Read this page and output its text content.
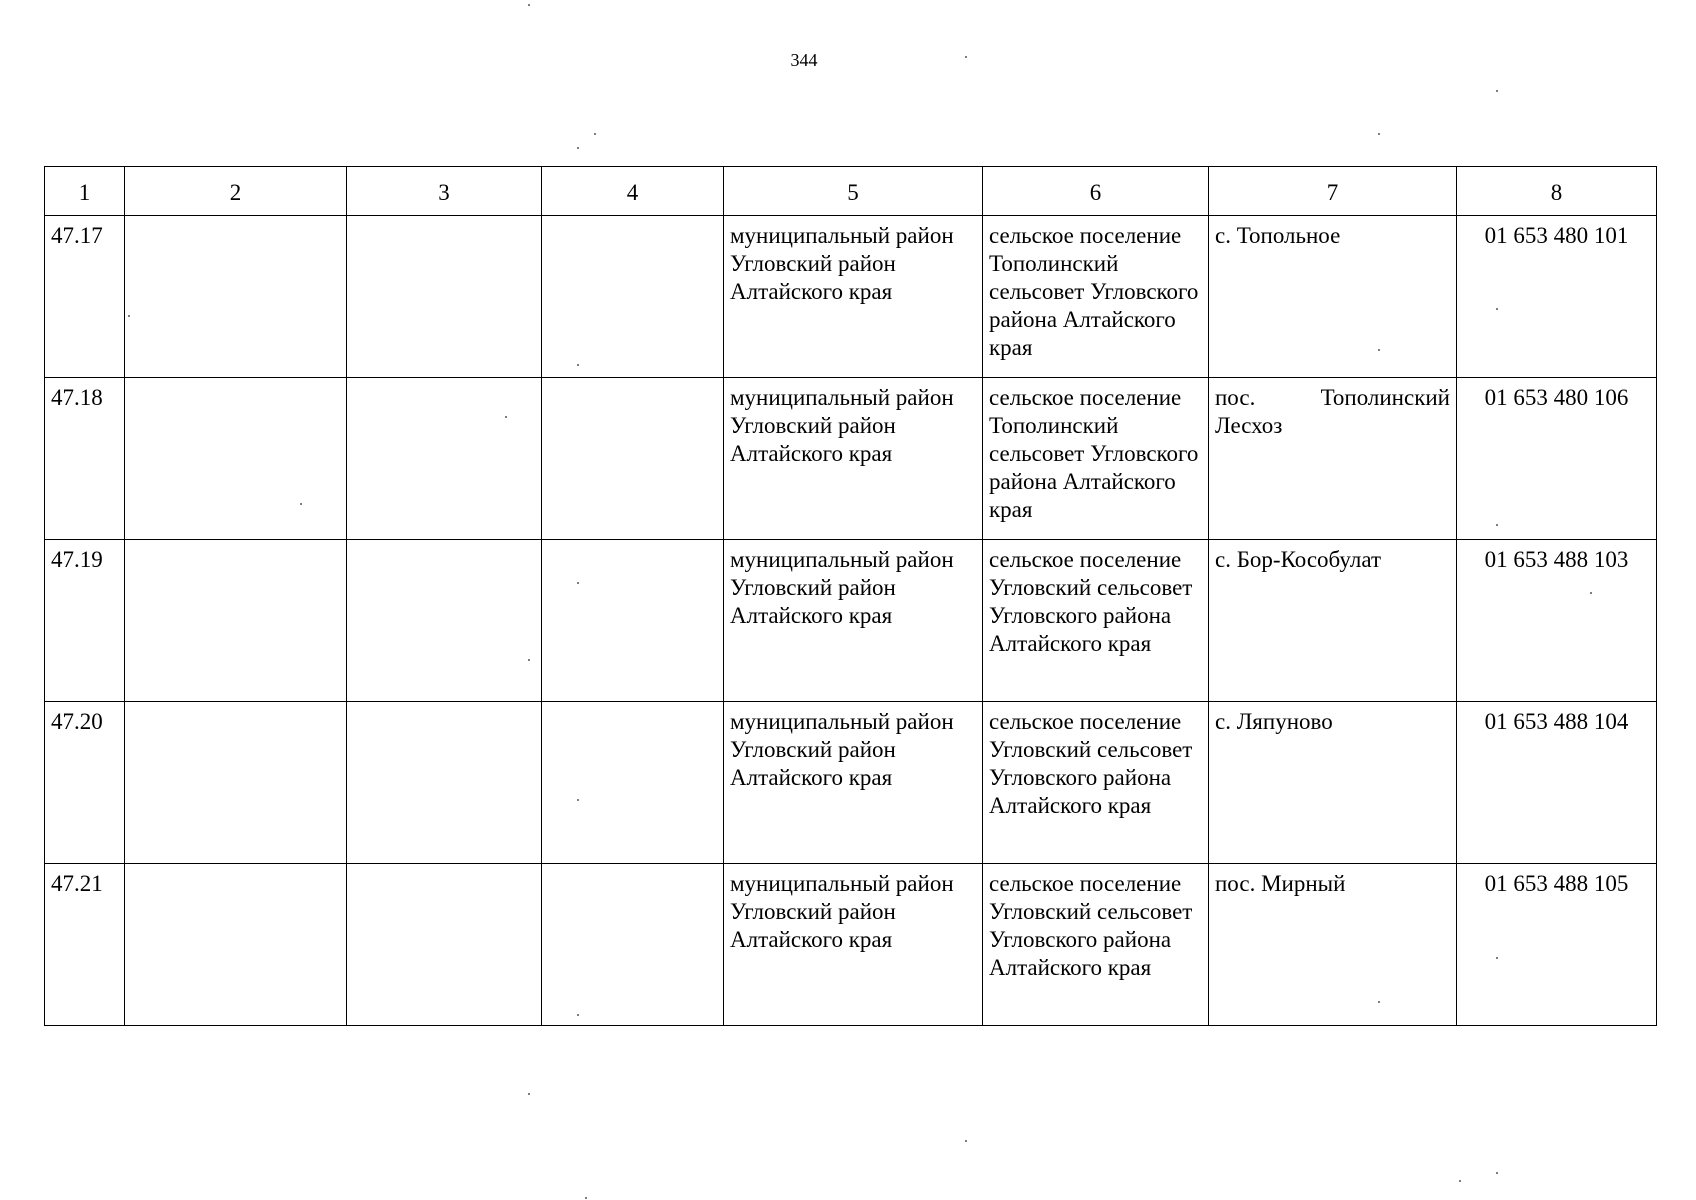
344
1	2	3	4	5	6	7	8
47.17				муниципальный район Угловский район Алтайского края	сельское поселение Тополинский сельсовет Угловского района Алтайского края	с. Топольное	01 653 480 101
47.18				муниципальный район Угловский район Алтайского края	сельское поселение Тополинский сельсовет Угловского района Алтайского края	пос. Тополинский Лесхоз	01 653 480 106
47.19				муниципальный район Угловский район Алтайского края	сельское поселение Угловский сельсовет Угловского района Алтайского края	с. Бор-Кособулат	01 653 488 103
47.20				муниципальный район Угловский район Алтайского края	сельское поселение Угловский сельсовет Угловского района Алтайского края	с. Ляпуново	01 653 488 104
47.21				муниципальный район Угловский район Алтайского края	сельское поселение Угловский сельсовет Угловского района Алтайского края	пос. Мирный	01 653 488 105
